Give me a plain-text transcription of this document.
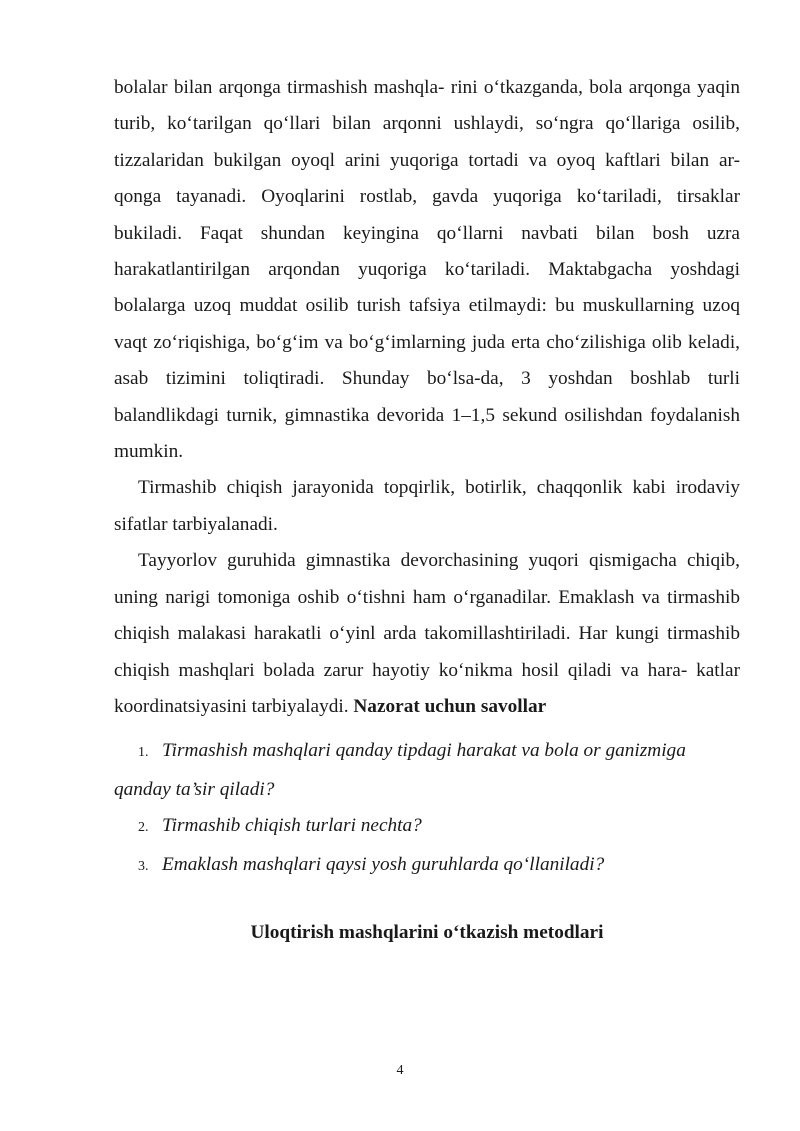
bolalar bilan arqonga tirmashish mashqla- rini o‘tkazganda, bola arqonga yaqin turib, ko‘tarilgan qo‘llari bilan arqonni ushlaydi, so‘ngra qo‘llariga osilib, tizzalaridan bukilgan oyoql arini yuqoriga tortadi va oyoq kaftlari bilan ar- qonga tayanadi. Oyoqlarini rostlab, gavda yuqoriga ko‘tariladi, tirsaklar bukiladi. Faqat shundan keyingina qo‘llarni navbati bilan bosh uzra harakatlantirilgan arqondan yuqoriga ko‘tariladi. Maktabgacha yoshdagi bolalarga uzoq muddat osilib turish tafsiya etilmaydi: bu muskullarning uzoq vaqt zo‘riqishiga, bo‘g‘im va bo‘g‘imlarning juda erta cho‘zilishiga olib keladi, asab tizimini toliqtiradi. Shunday bo‘lsa-da, 3 yoshdan boshlab turli balandlikdagi turnik, gimnastika devorida 1–1,5 sekund osilishdan foydalanish mumkin.

Tirmashib chiqish jarayonida topqirlik, botirlik, chaqqonlik kabi irodaviy sifatlar tarbiyalanadi.

Tayyorlov guruhida gimnastika devorchasining yuqori qismigacha chiqib, uning narigi tomoniga oshib o‘tishni ham o‘rganadilar. Emaklash va tirmashib chiqish malakasi harakatli o‘yinl arda takomillashtiriladi. Har kungi tirmashib chiqish mashqlari bolada zarur hayotiy ko‘nikma hosil qiladi va hara- katlar koordinatsiyasini tarbiyalaydi. Nazorat uchun savollar

1. Tirmashish mashqlari qanday tipdagi harakat va bola or ganizmiga qanday ta’sir qiladi?

2. Tirmashib chiqish turlari nechta?

3. Emaklash mashqlari qaysi yosh guruhlarda qo‘llaniladi?

Uloqtirish mashqlarini o‘tkazish metodlari

4
